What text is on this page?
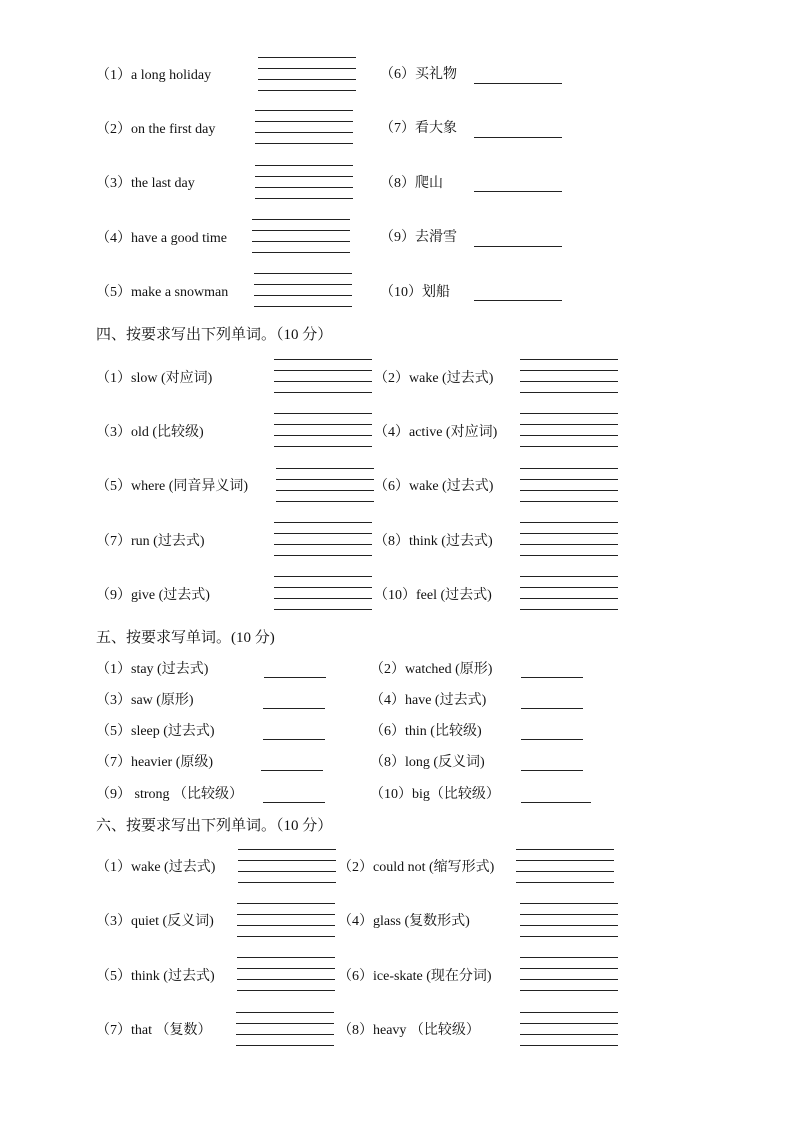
（1）a long holiday
（2）on the first day
（3）the last day
（4）have a good time
（5）make a snowman
（6）买礼物
（7）看大象
（8）爬山
（9）去滑雪
（10）划船
四、按要求写出下列单词。（10 分）
（1）slow (对应词)
（3）old (比较级)
（5）where (同音异义词)
（7）run (过去式)
（9）give (过去式)
（2）wake (过去式)
（4）active (对应词)
（6）wake (过去式)
（8）think (过去式)
（10）feel (过去式)
五、按要求写单词。(10 分)
（1）stay (过去式)
（3）saw (原形)
（5）sleep (过去式)
（7）heavier (原级)
（9） strong （比较级）
（2）watched (原形)
（4）have (过去式)
（6）thin (比较级)
（8）long (反义词)
（10）big（比较级）
六、按要求写出下列单词。（10 分）
（1）wake (过去式)
（3）quiet (反义词)
（5）think (过去式)
（7）that （复数）
（2）could not (缩写形式)
（4）glass (复数形式)
（6）ice-skate (现在分词)
（8）heavy （比较级）
